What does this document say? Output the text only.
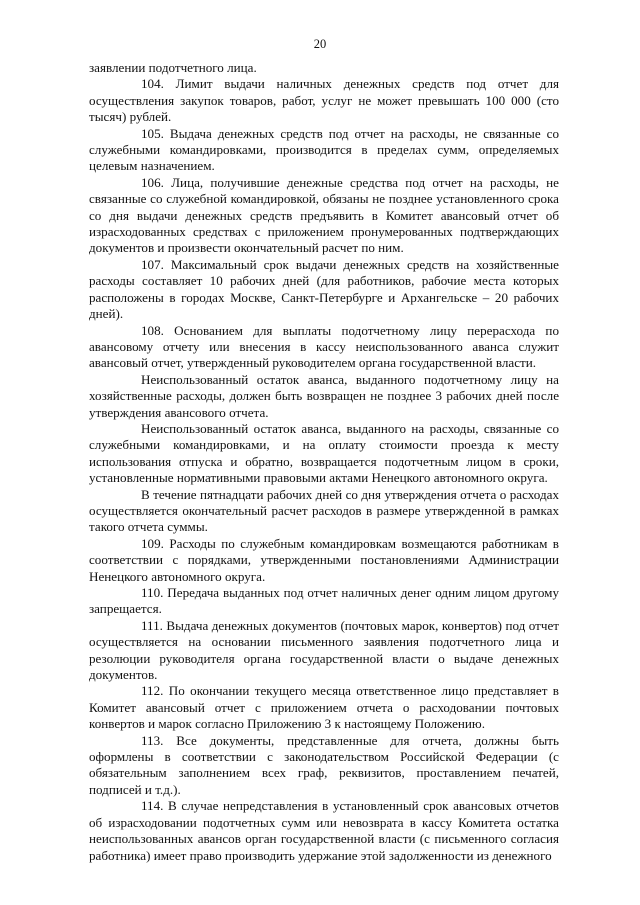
20

заявлении подотчетного лица.

104. Лимит выдачи наличных денежных средств под отчет для осуществления закупок товаров, работ, услуг не может превышать 100 000 (сто тысяч) рублей.

105. Выдача денежных средств под отчет на расходы, не связанные со служебными командировками, производится в пределах сумм, определяемых целевым назначением.

106. Лица, получившие денежные средства под отчет на расходы, не связанные со служебной командировкой, обязаны не позднее установленного срока со дня выдачи денежных средств предъявить в Комитет авансовый отчет об израсходованных средствах с приложением пронумерованных подтверждающих документов и произвести окончательный расчет по ним.

107. Максимальный срок выдачи денежных средств на хозяйственные расходы составляет 10 рабочих дней (для работников, рабочие места которых расположены в городах Москве, Санкт-Петербурге и Архангельске – 20 рабочих дней).

108. Основанием для выплаты подотчетному лицу перерасхода по авансовому отчету или внесения в кассу неиспользованного аванса служит авансовый отчет, утвержденный руководителем органа государственной власти.

Неиспользованный остаток аванса, выданного подотчетному лицу на хозяйственные расходы, должен быть возвращен не позднее 3 рабочих дней после утверждения авансового отчета.

Неиспользованный остаток аванса, выданного на расходы, связанные со служебными командировками, и на оплату стоимости проезда к месту использования отпуска и обратно, возвращается подотчетным лицом в сроки, установленные нормативными правовыми актами Ненецкого автономного округа.

В течение пятнадцати рабочих дней со дня утверждения отчета о расходах осуществляется окончательный расчет расходов в размере утвержденной в рамках такого отчета суммы.

109. Расходы по служебным командировкам возмещаются работникам в соответствии с порядками, утвержденными постановлениями Администрации Ненецкого автономного округа.

110. Передача выданных под отчет наличных денег одним лицом другому запрещается.

111. Выдача денежных документов (почтовых марок, конвертов) под отчет осуществляется на основании письменного заявления подотчетного лица и резолюции руководителя органа государственной власти о выдаче денежных документов.

112. По окончании текущего месяца ответственное лицо представляет в Комитет авансовый отчет с приложением отчета о расходовании почтовых конвертов и марок согласно Приложению 3 к настоящему Положению.

113. Все документы, представленные для отчета, должны быть оформлены в соответствии с законодательством Российской Федерации (с обязательным заполнением всех граф, реквизитов, проставлением печатей, подписей и т.д.).

114. В случае непредставления в установленный срок авансовых отчетов об израсходовании подотчетных сумм или невозврата в кассу Комитета остатка неиспользованных авансов орган государственной власти (с письменного согласия работника) имеет право производить удержание этой задолженности из денежного
